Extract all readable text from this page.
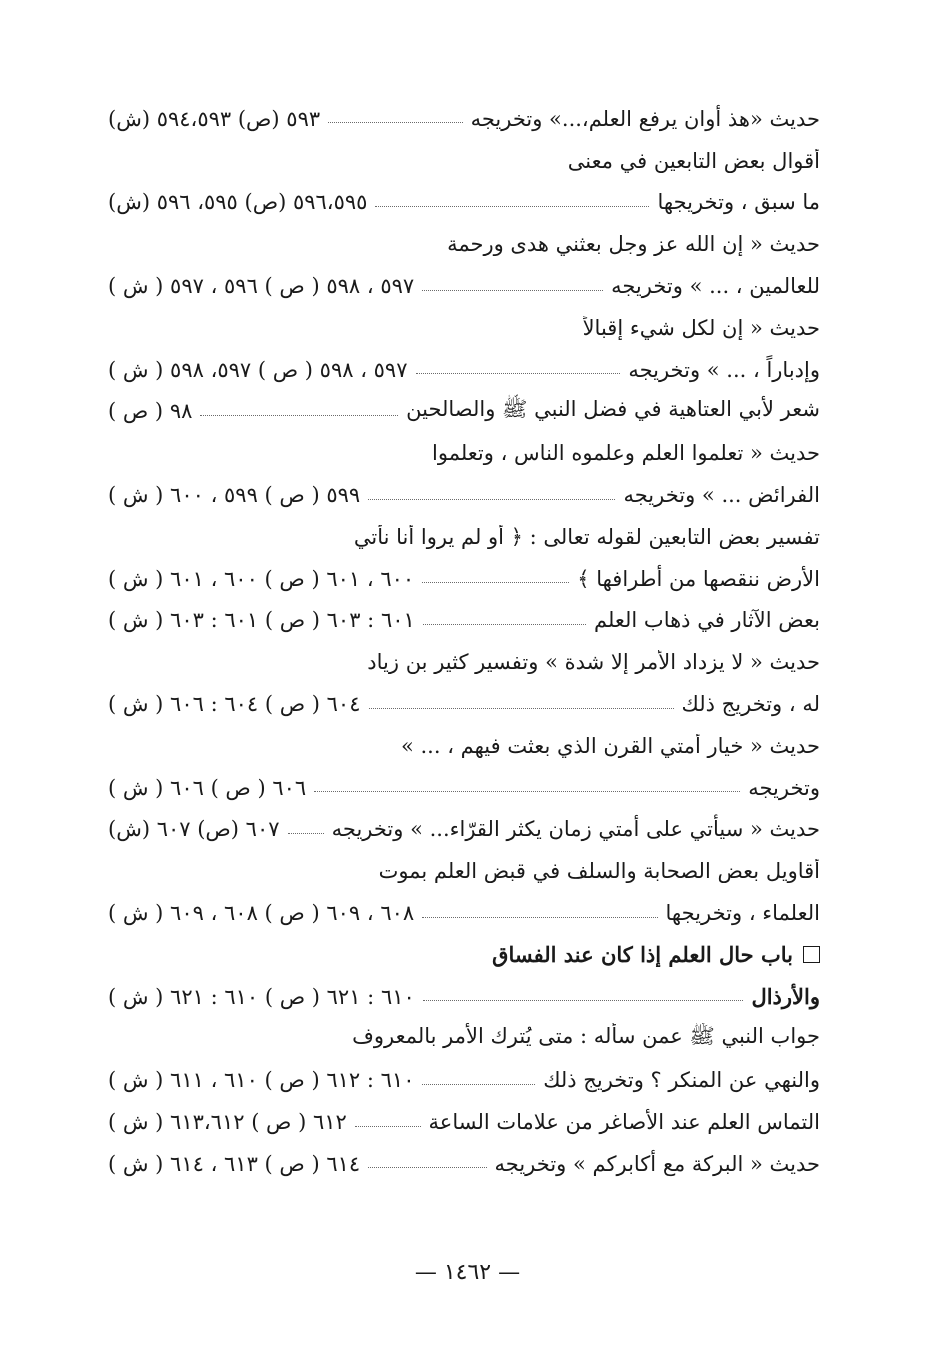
حديث «هذ أوان يرفع العلم،...» وتخريجه
٥٩٣ (ص) ٥٩٤،٥٩٣ (ش)
أقوال بعض التابعين في معنى
ما سبق ، وتخريجها
٥٩٦،٥٩٥ (ص) ٥٩٥، ٥٩٦ (ش)
حديث « إن الله عز وجل بعثني هدى ورحمة
للعالمين ، ... » وتخريجه
٥٩٧ ، ٥٩٨ ( ص ) ٥٩٦ ، ٥٩٧ ( ش )
حديث « إن لكل شيء إقبالاً
وإدباراً ، ... » وتخريجه
٥٩٧ ، ٥٩٨ ( ص ) ٥٩٧، ٥٩٨ ( ش )
شعر لأبي العتاهية في فضل النبي ﷺ والصالحين
٩٨ ( ص )
حديث « تعلموا العلم وعلموه الناس ، وتعلموا
الفرائض ... » وتخريجه
٥٩٩ ( ص ) ٥٩٩ ، ٦٠٠ ( ش )
تفسير بعض التابعين لقوله تعالى : ﴿ أو لم يروا أنا نأتي
الأرض ننقصها من أطرافها ﴾
٦٠٠ ، ٦٠١ ( ص ) ٦٠٠ ، ٦٠١ ( ش )
بعض الآثار في ذهاب العلم
٦٠١ : ٦٠٣ ( ص ) ٦٠١ : ٦٠٣ ( ش )
حديث « لا يزداد الأمر إلا شدة » وتفسير كثير بن زياد
له ، وتخريج ذلك
٦٠٤ ( ص ) ٦٠٤ : ٦٠٦ ( ش )
حديث « خيار أمتي القرن الذي بعثت فيهم ، ... »
وتخريجه
٦٠٦ ( ص ) ٦٠٦ ( ش )
حديث « سيأتي على أمتي زمان يكثر القرّاء... » وتخريجه
٦٠٧ (ص) ٦٠٧ (ش)
أقاويل بعض الصحابة والسلف في قبض العلم بموت
العلماء ، وتخريجها
٦٠٨ ، ٦٠٩ ( ص ) ٦٠٨ ، ٦٠٩ ( ش )
باب حال العلم إذا كان عند الفساق
والأرذال
٦١٠ : ٦٢١ ( ص ) ٦١٠ : ٦٢١ ( ش )
جواب النبي ﷺ عمن سأله : متى يُترك الأمر بالمعروف
والنهي عن المنكر ؟ وتخريج ذلك
٦١٠ : ٦١٢ ( ص ) ٦١٠ ، ٦١١ ( ش )
التماس العلم عند الأصاغر من علامات الساعة
٦١٢ ( ص ) ٦١٣،٦١٢ ( ش )
حديث « البركة مع أكابركم » وتخريجه
٦١٤ ( ص ) ٦١٣ ، ٦١٤ ( ش )
— ١٤٦٢ —
